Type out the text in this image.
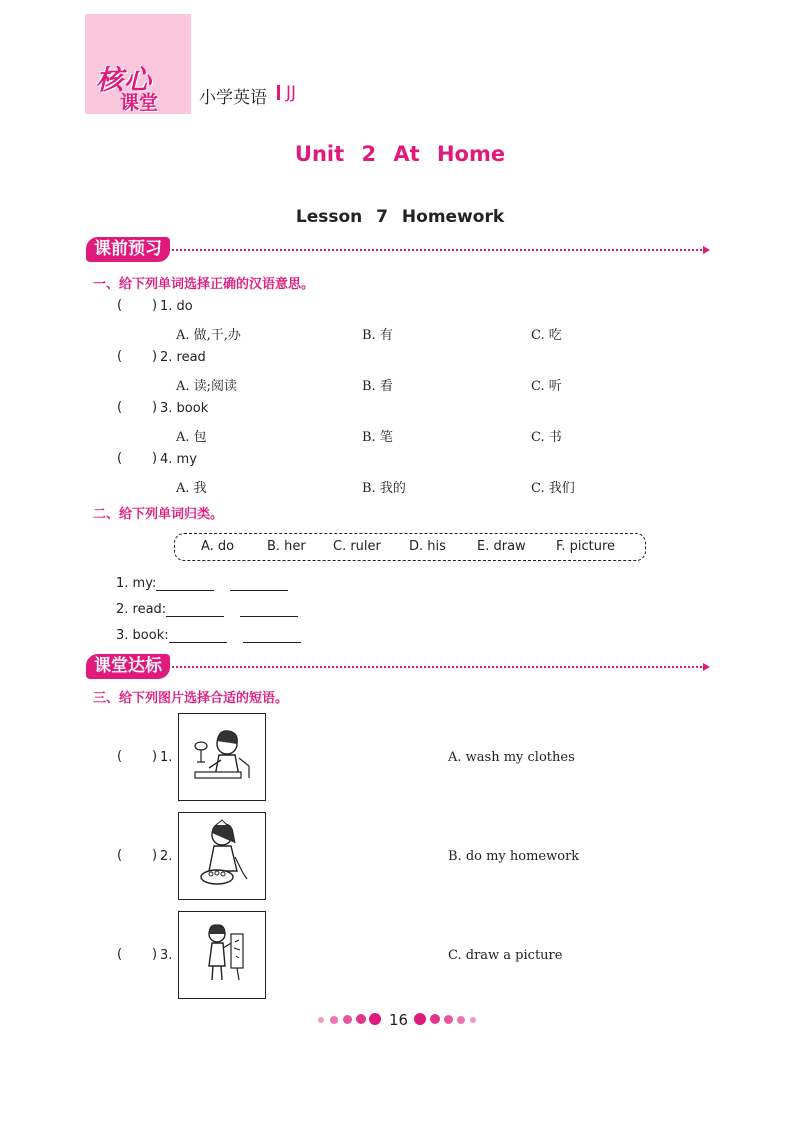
核心
课堂 小学英语 JJ
Unit 2 At Home
Lesson 7 Homework
课前预习
一、给下列单词选择正确的汉语意思。
( ) 1. do
A. 做,干,办	B. 有	C. 吃
( ) 2. read
A. 读;阅读	B. 看	C. 听
( ) 3. book
A. 包	B. 笔	C. 书
( ) 4. my
A. 我	B. 我的	C. 我们
二、给下列单词归类。
A. do	B. her C. ruler D. his E. draw F. picture
1. my:
2. read:
3. book:
课堂达标
三、给下列图片选择合适的短语。
( ) 1.	A. wash my clothes
( ) 2.	B. do my homework
( ) 3.	C. draw a picture
16
